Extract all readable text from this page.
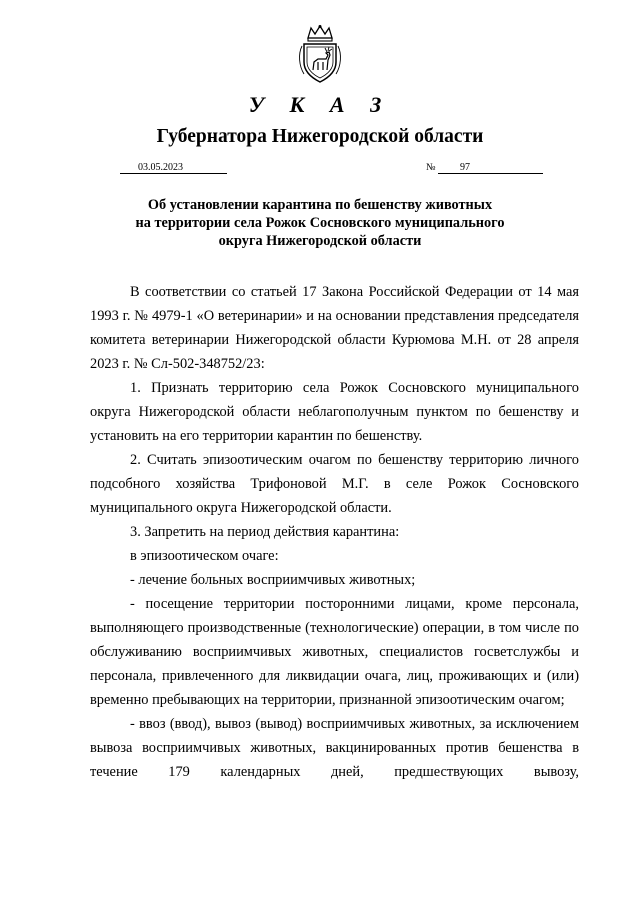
У К А З
Губернатора Нижегородской области
03.05.2023	№	97
Об установлении карантина по бешенству животных
на территории села Рожок Сосновского муниципального
округа Нижегородской области

В соответствии со статьей 17 Закона Российской Федерации от 14 мая 1993 г. № 4979-1 «О ветеринарии» и на основании представления председателя комитета ветеринарии Нижегородской области Курюмова М.Н. от 28 апреля 2023 г. № Сл-502-348752/23:

1. Признать территорию села Рожок Сосновского муниципального округа Нижегородской области неблагополучным пунктом по бешенству и установить на его территории карантин по бешенству.

2. Считать эпизоотическим очагом по бешенству территорию личного подсобного хозяйства Трифоновой М.Г. в селе Рожок Сосновского муниципального округа Нижегородской области.

3. Запретить на период действия карантина:

в эпизоотическом очаге:

- лечение больных восприимчивых животных;

- посещение территории посторонними лицами, кроме персонала, выполняющего производственные (технологические) операции, в том числе по обслуживанию восприимчивых животных, специалистов госветслужбы и персонала, привлеченного для ликвидации очага, лиц, проживающих и (или) временно пребывающих на территории, признанной эпизоотическим очагом;

- ввоз (ввод), вывоз (вывод) восприимчивых животных, за исключением вывоза восприимчивых животных, вакцинированных против бешенства в течение 179 календарных дней, предшествующих вывозу,
